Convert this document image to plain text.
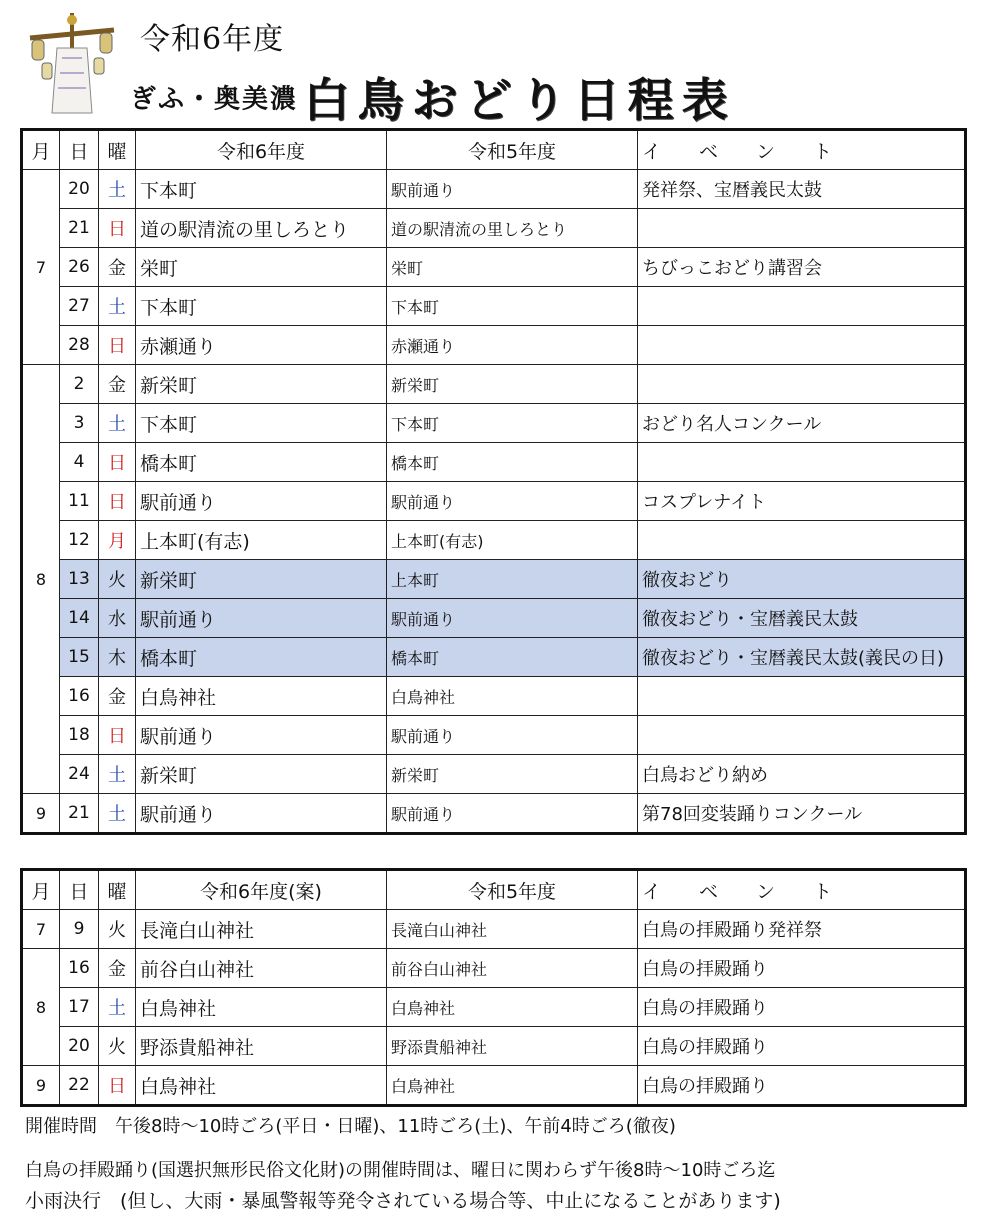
令和6年度
ぎふ・奥美濃 白鳥おどり日程表
月	日	曜	令和6年度	令和5年度	イ　　ベ　　ン　　ト
7	20	土	下本町	駅前通り	発祥祭、宝暦義民太鼓
	21	日	道の駅清流の里しろとり	道の駅清流の里しろとり	
	26	金	栄町	栄町	ちびっこおどり講習会
	27	土	下本町	下本町	
	28	日	赤瀬通り	赤瀬通り	
8	2	金	新栄町	新栄町	
	3	土	下本町	下本町	おどり名人コンクール
	4	日	橋本町	橋本町	
	11	日	駅前通り	駅前通り	コスプレナイト
	12	月	上本町(有志)	上本町(有志)	
	13	火	新栄町	上本町	徹夜おどり
	14	水	駅前通り	駅前通り	徹夜おどり・宝暦義民太鼓
	15	木	橋本町	橋本町	徹夜おどり・宝暦義民太鼓(義民の日)
	16	金	白鳥神社	白鳥神社	
	18	日	駅前通り	駅前通り	
	24	土	新栄町	新栄町	白鳥おどり納め
9	21	土	駅前通り	駅前通り	第78回変装踊りコンクール
月	日	曜	令和6年度(案)	令和5年度	イ　　ベ　　ン　　ト
7	9	火	長滝白山神社	長滝白山神社	白鳥の拝殿踊り発祥祭
8	16	金	前谷白山神社	前谷白山神社	白鳥の拝殿踊り
	17	土	白鳥神社	白鳥神社	白鳥の拝殿踊り
	20	火	野添貴船神社	野添貴船神社	白鳥の拝殿踊り
9	22	日	白鳥神社	白鳥神社	白鳥の拝殿踊り
開催時間　午後8時～10時ごろ(平日・日曜)、11時ごろ(土)、午前4時ごろ(徹夜)
白鳥の拝殿踊り(国選択無形民俗文化財)の開催時間は、曜日に関わらず午後8時～10時ごろ迄
小雨決行　(但し、大雨・暴風警報等発令されている場合等、中止になることがあります)
